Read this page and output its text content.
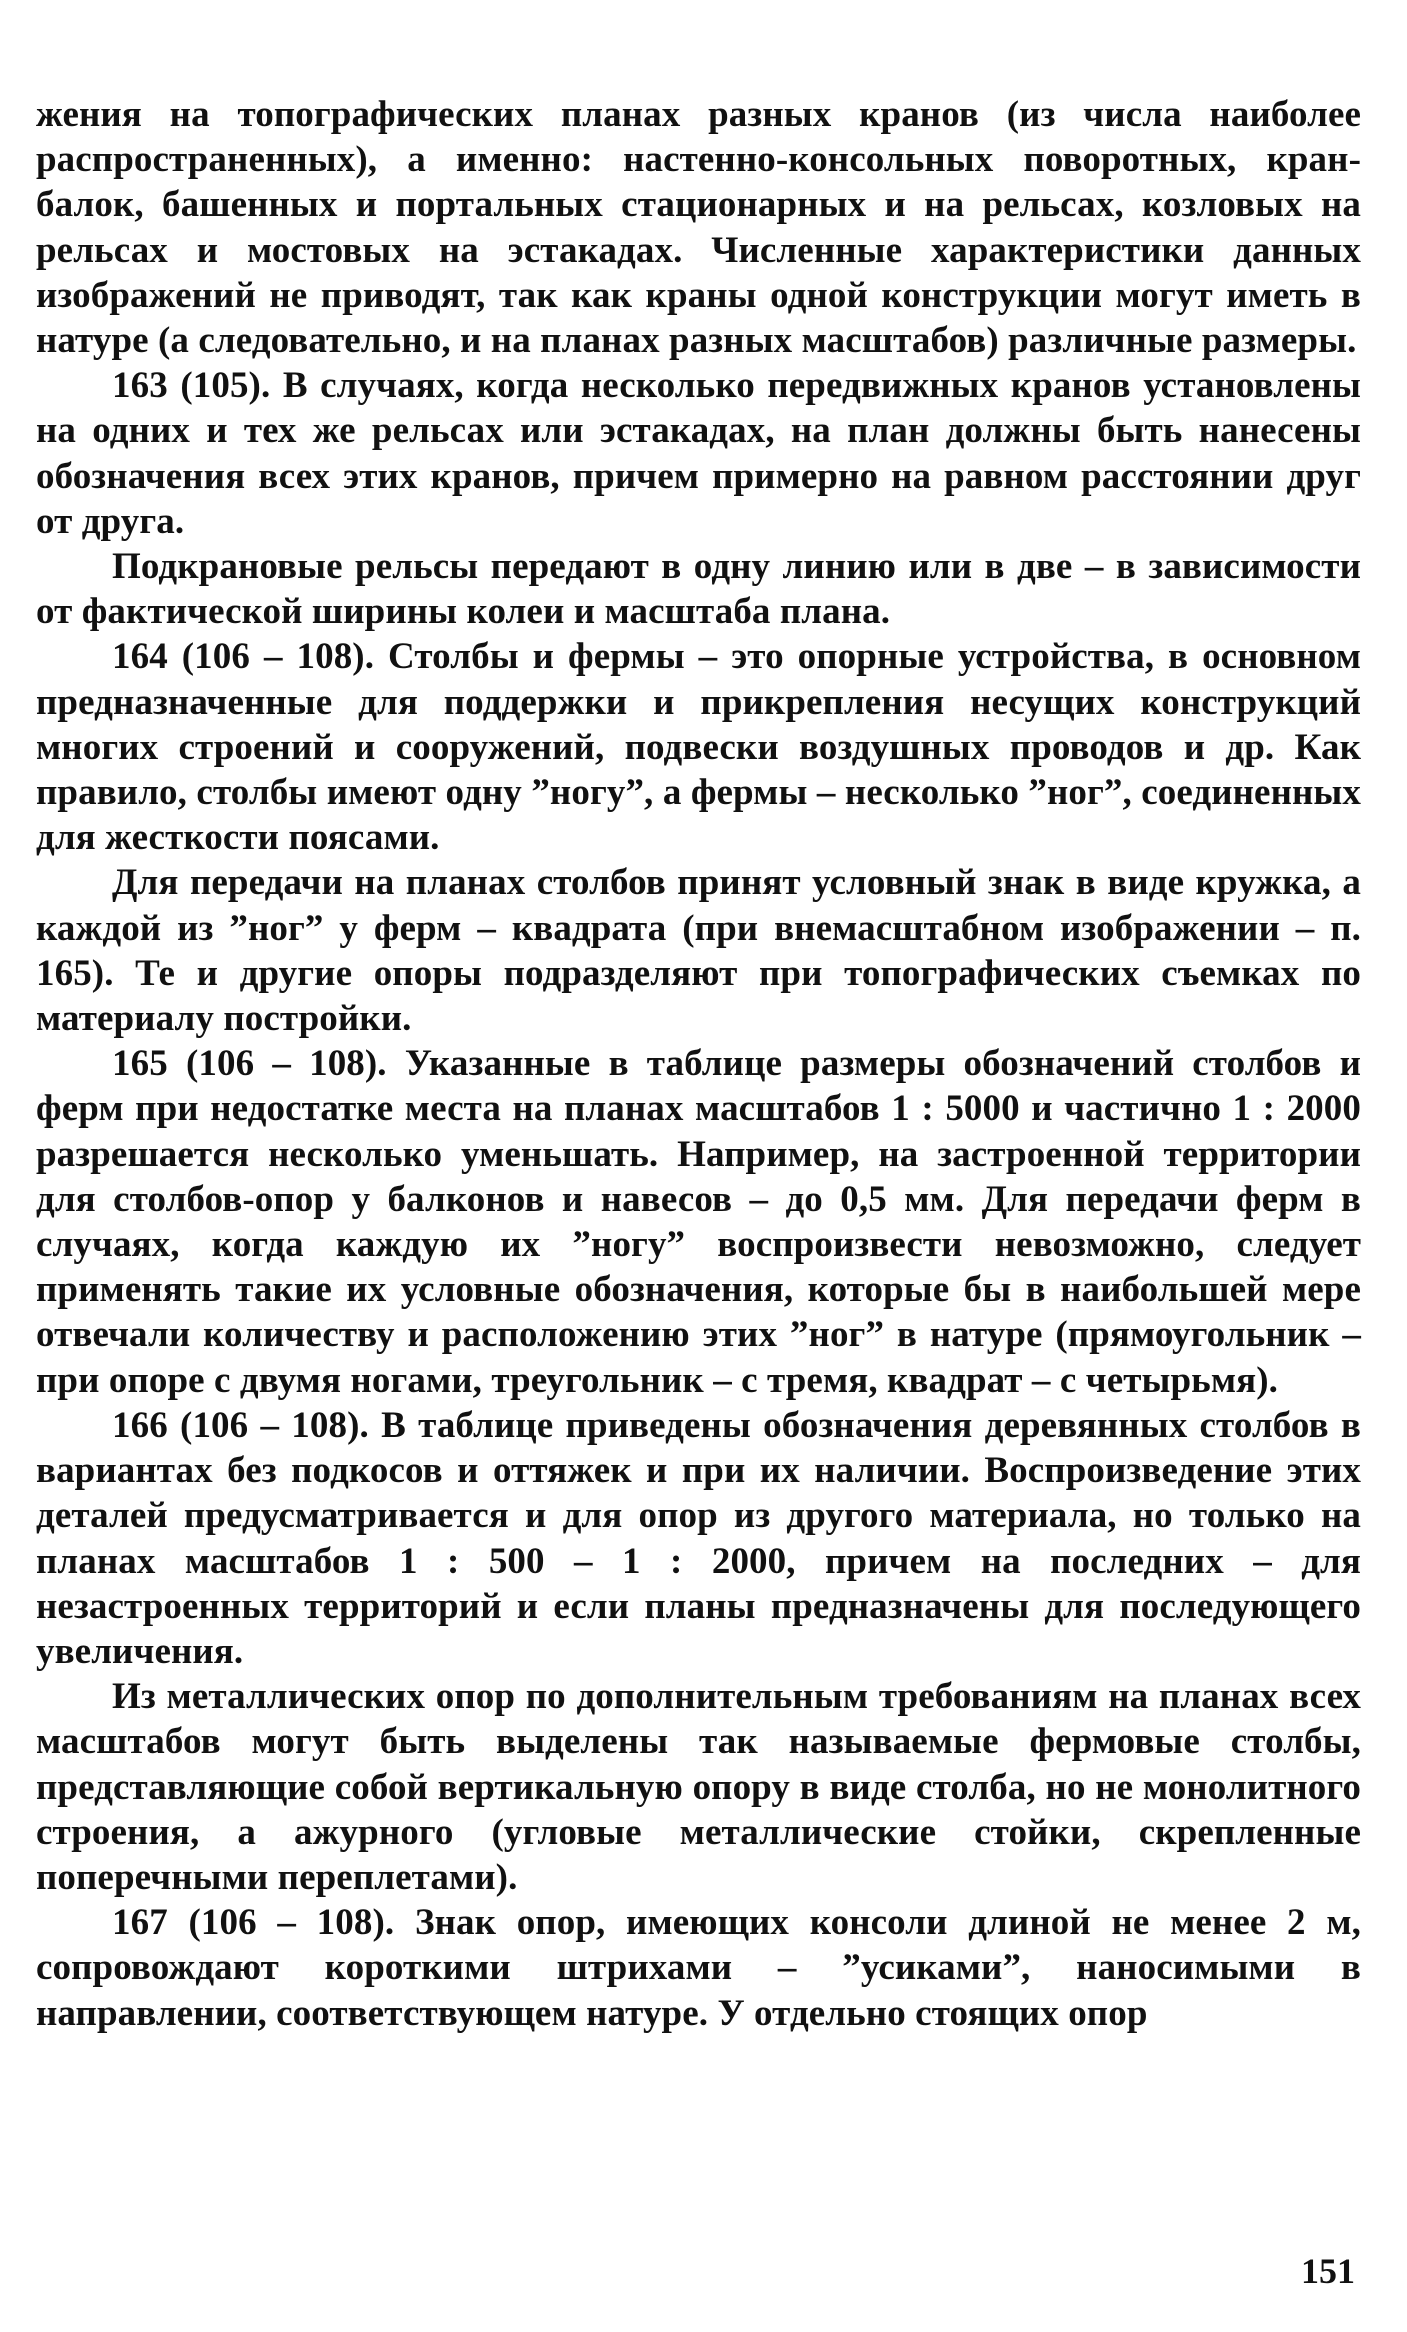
жения на топографических планах разных кранов (из числа наиболее распространенных), а именно: настенно-консольных поворотных, кран-балок, башенных и портальных стационарных и на рельсах, козловых на рельсах и мостовых на эстакадах. Численные характеристики данных изображений не приводят, так как краны одной конструкции могут иметь в натуре (а следовательно, и на планах разных масштабов) различные размеры.

163 (105). В случаях, когда несколько передвижных кранов установлены на одних и тех же рельсах или эстакадах, на план должны быть нанесены обозначения всех этих кранов, причем примерно на равном расстоянии друг от друга.

Подкрановые рельсы передают в одну линию или в две – в зависимости от фактической ширины колеи и масштаба плана.

164 (106 – 108). Столбы и фермы – это опорные устройства, в основном предназначенные для поддержки и прикрепления несущих конструкций многих строений и сооружений, подвески воздушных проводов и др. Как правило, столбы имеют одну ”ногу”, а фермы – несколько ”ног”, соединенных для жесткости поясами.

Для передачи на планах столбов принят условный знак в виде кружка, а каждой из ”ног” у ферм – квадрата (при внемасштабном изображении – п. 165). Те и другие опоры подразделяют при топографических съемках по материалу постройки.

165 (106 – 108). Указанные в таблице размеры обозначений столбов и ферм при недостатке места на планах масштабов 1 : 5000 и частично 1 : 2000 разрешается несколько уменьшать. Например, на застроенной территории для столбов-опор у балконов и навесов – до 0,5 мм. Для передачи ферм в случаях, когда каждую их ”ногу” воспроизвести невозможно, следует применять такие их условные обозначения, которые бы в наибольшей мере отвечали количеству и расположению этих ”ног” в натуре (прямоугольник – при опоре с двумя ногами, треугольник – с тремя, квадрат – с четырьмя).

166 (106 – 108). В таблице приведены обозначения деревянных столбов в вариантах без подкосов и оттяжек и при их наличии. Воспроизведение этих деталей предусматривается и для опор из другого материала, но только на планах масштабов 1 : 500 – 1 : 2000, причем на последних – для незастроенных территорий и если планы предназначены для последующего увеличения.

Из металлических опор по дополнительным требованиям на планах всех масштабов могут быть выделены так называемые фермовые столбы, представляющие собой вертикальную опору в виде столба, но не монолитного строения, а ажурного (угловые металлические стойки, скрепленные поперечными переплетами).

167 (106 – 108). Знак опор, имеющих консоли длиной не менее 2 м, сопровождают короткими штрихами – ”усиками”, наносимыми в направлении, соответствующем натуре. У отдельно стоящих опор

151
